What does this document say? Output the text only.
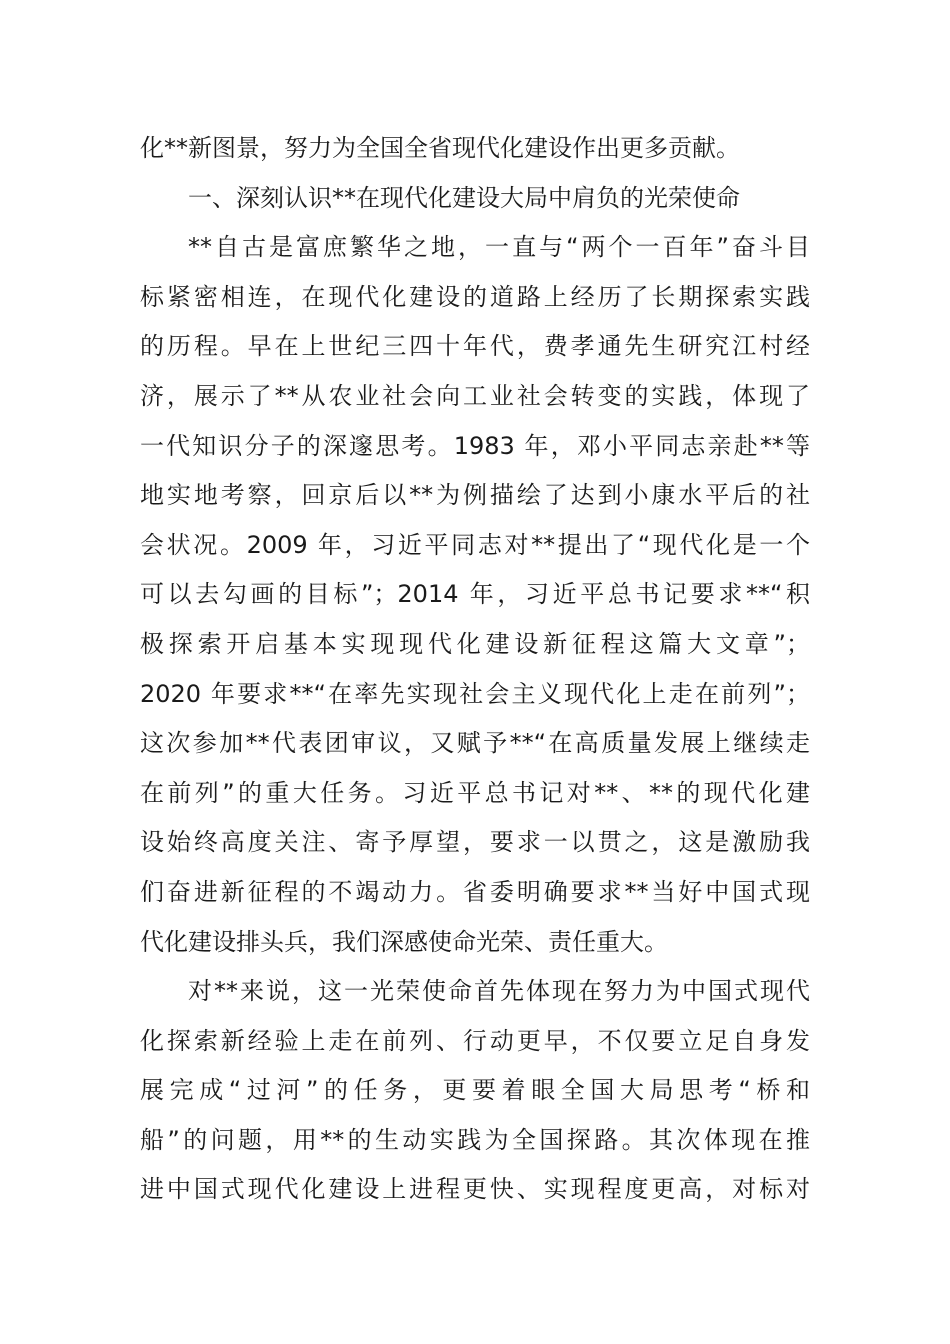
化**新图景，努力为全国全省现代化建设作出更多贡献。
一、深刻认识**在现代化建设大局中肩负的光荣使命
**自古是富庶繁华之地，一直与“两个一百年”奋斗目
标紧密相连，在现代化建设的道路上经历了长期探索实践
的历程。早在上世纪三四十年代，费孝通先生研究江村经
济，展示了**从农业社会向工业社会转变的实践，体现了
一代知识分子的深邃思考。1983 年，邓小平同志亲赴**等
地实地考察，回京后以**为例描绘了达到小康水平后的社
会状况。2009 年，习近平同志对**提出了“现代化是一个
可以去勾画的目标”；2014 年，习近平总书记要求**“积
极探索开启基本实现现代化建设新征程这篇大文章”；
2020 年要求**“在率先实现社会主义现代化上走在前列”；
这次参加**代表团审议，又赋予**“在高质量发展上继续走
在前列”的重大任务。习近平总书记对**、**的现代化建
设始终高度关注、寄予厚望，要求一以贯之，这是激励我
们奋进新征程的不竭动力。省委明确要求**当好中国式现
代化建设排头兵，我们深感使命光荣、责任重大。
对**来说，这一光荣使命首先体现在努力为中国式现代
化探索新经验上走在前列、行动更早，不仅要立足自身发
展完成“过河”的任务，更要着眼全国大局思考“桥和
船”的问题，用**的生动实践为全国探路。其次体现在推
进中国式现代化建设上进程更快、实现程度更高，对标对
